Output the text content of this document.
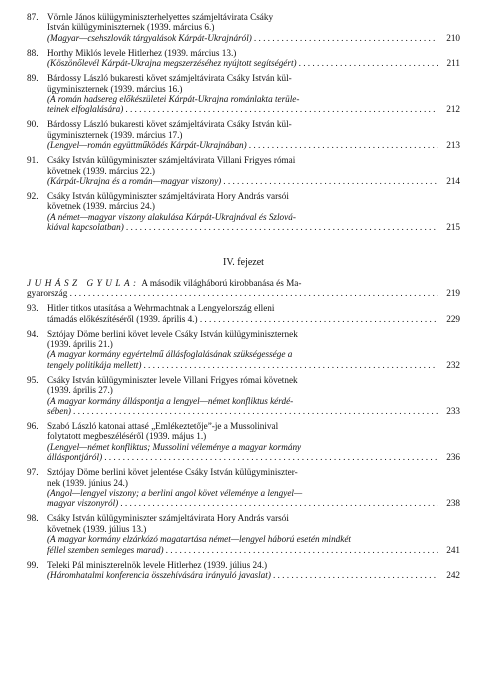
87. Vörnle János külügyminiszterhelyettes számjeltávirata Csáky
István külügyminiszternek (1939. március 6.)
(Magyar—csehszlovák tárgyalások Kárpát-Ukrajnáról) . . .	210
88. Horthy Miklós levele Hitlerhez (1939. március 13.)
(Köszönőlevél Kárpát-Ukrajna megszerzéséhez nyújtott segítségért) . . .	211
89. Bárdossy László bukaresti követ számjeltávirata Csáky István kül-
ügyminiszternek (1939. március 16.)
(A román hadsereg előkészületei Kárpát-Ukrajna románlakta terüle-
teinek elfoglalására) . . .	212
90. Bárdossy László bukaresti követ számjeltávirata Csáky István kül-
ügyminiszternek (1939. március 17.)
(Lengyel—román együttműködés Kárpát-Ukrajnában) . . .	213
91. Csáky István külügyminiszter számjeltávirata Villani Frigyes római
követnek (1939. március 22.)
(Kárpát-Ukrajna és a román—magyar viszony) . . .	214
92. Csáky István külügyminiszter számjeltávirata Hory András varsói
követnek (1939. március 24.)
(A német—magyar viszony alakulása Kárpát-Ukrajnával és Szlová-
kiával kapcsolatban) . . .	215
IV. fejezet
JUHÁSZ GYULA: A második világháború kirobbanása és Ma-
gyarország . . .	219
93. Hitler titkos utasítása a Wehrmachtnak a Lengyelország elleni
támadás előkészítéséről (1939. április 4.) . . .	229
94. Sztójay Döme berlini követ levele Csáky István külügyminiszternek
(1939. április 21.)
(A magyar kormány egyértelmű állásfoglalásának szükségessége a
tengely politikája mellett) . . .	232
95. Csáky István külügyminiszter levele Villani Frigyes római követnek
(1939. április 27.)
(A magyar kormány álláspontja a lengyel—német konfliktus kérdé-
sében) . . .	233
96. Szabó László katonai attasé „Emlékeztetője”-je a Mussolinival
folytatott megbeszéléséről (1939. május 1.)
(Lengyel—német konfliktus; Mussolini véleménye a magyar kormány
álláspontjáról) . . .	236
97. Sztójay Döme berlini követ jelentése Csáky István külügyminiszter-
nek (1939. június 24.)
(Angol—lengyel viszony; a berlini angol követ véleménye a lengyel—
magyar viszonyról) . . .	238
98. Csáky István külügyminiszter számjeltávirata Hory András varsói
követnek (1939. július 13.)
(A magyar kormány elzárkózó magatartása német—lengyel háború esetén mindkét
féllel szemben semleges marad) . . .	241
99. Teleki Pál miniszterelnök levele Hitlerhez (1939. július 24.)
(Háromhatalmi konferencia összehívására irányuló javaslat) . . .	242
